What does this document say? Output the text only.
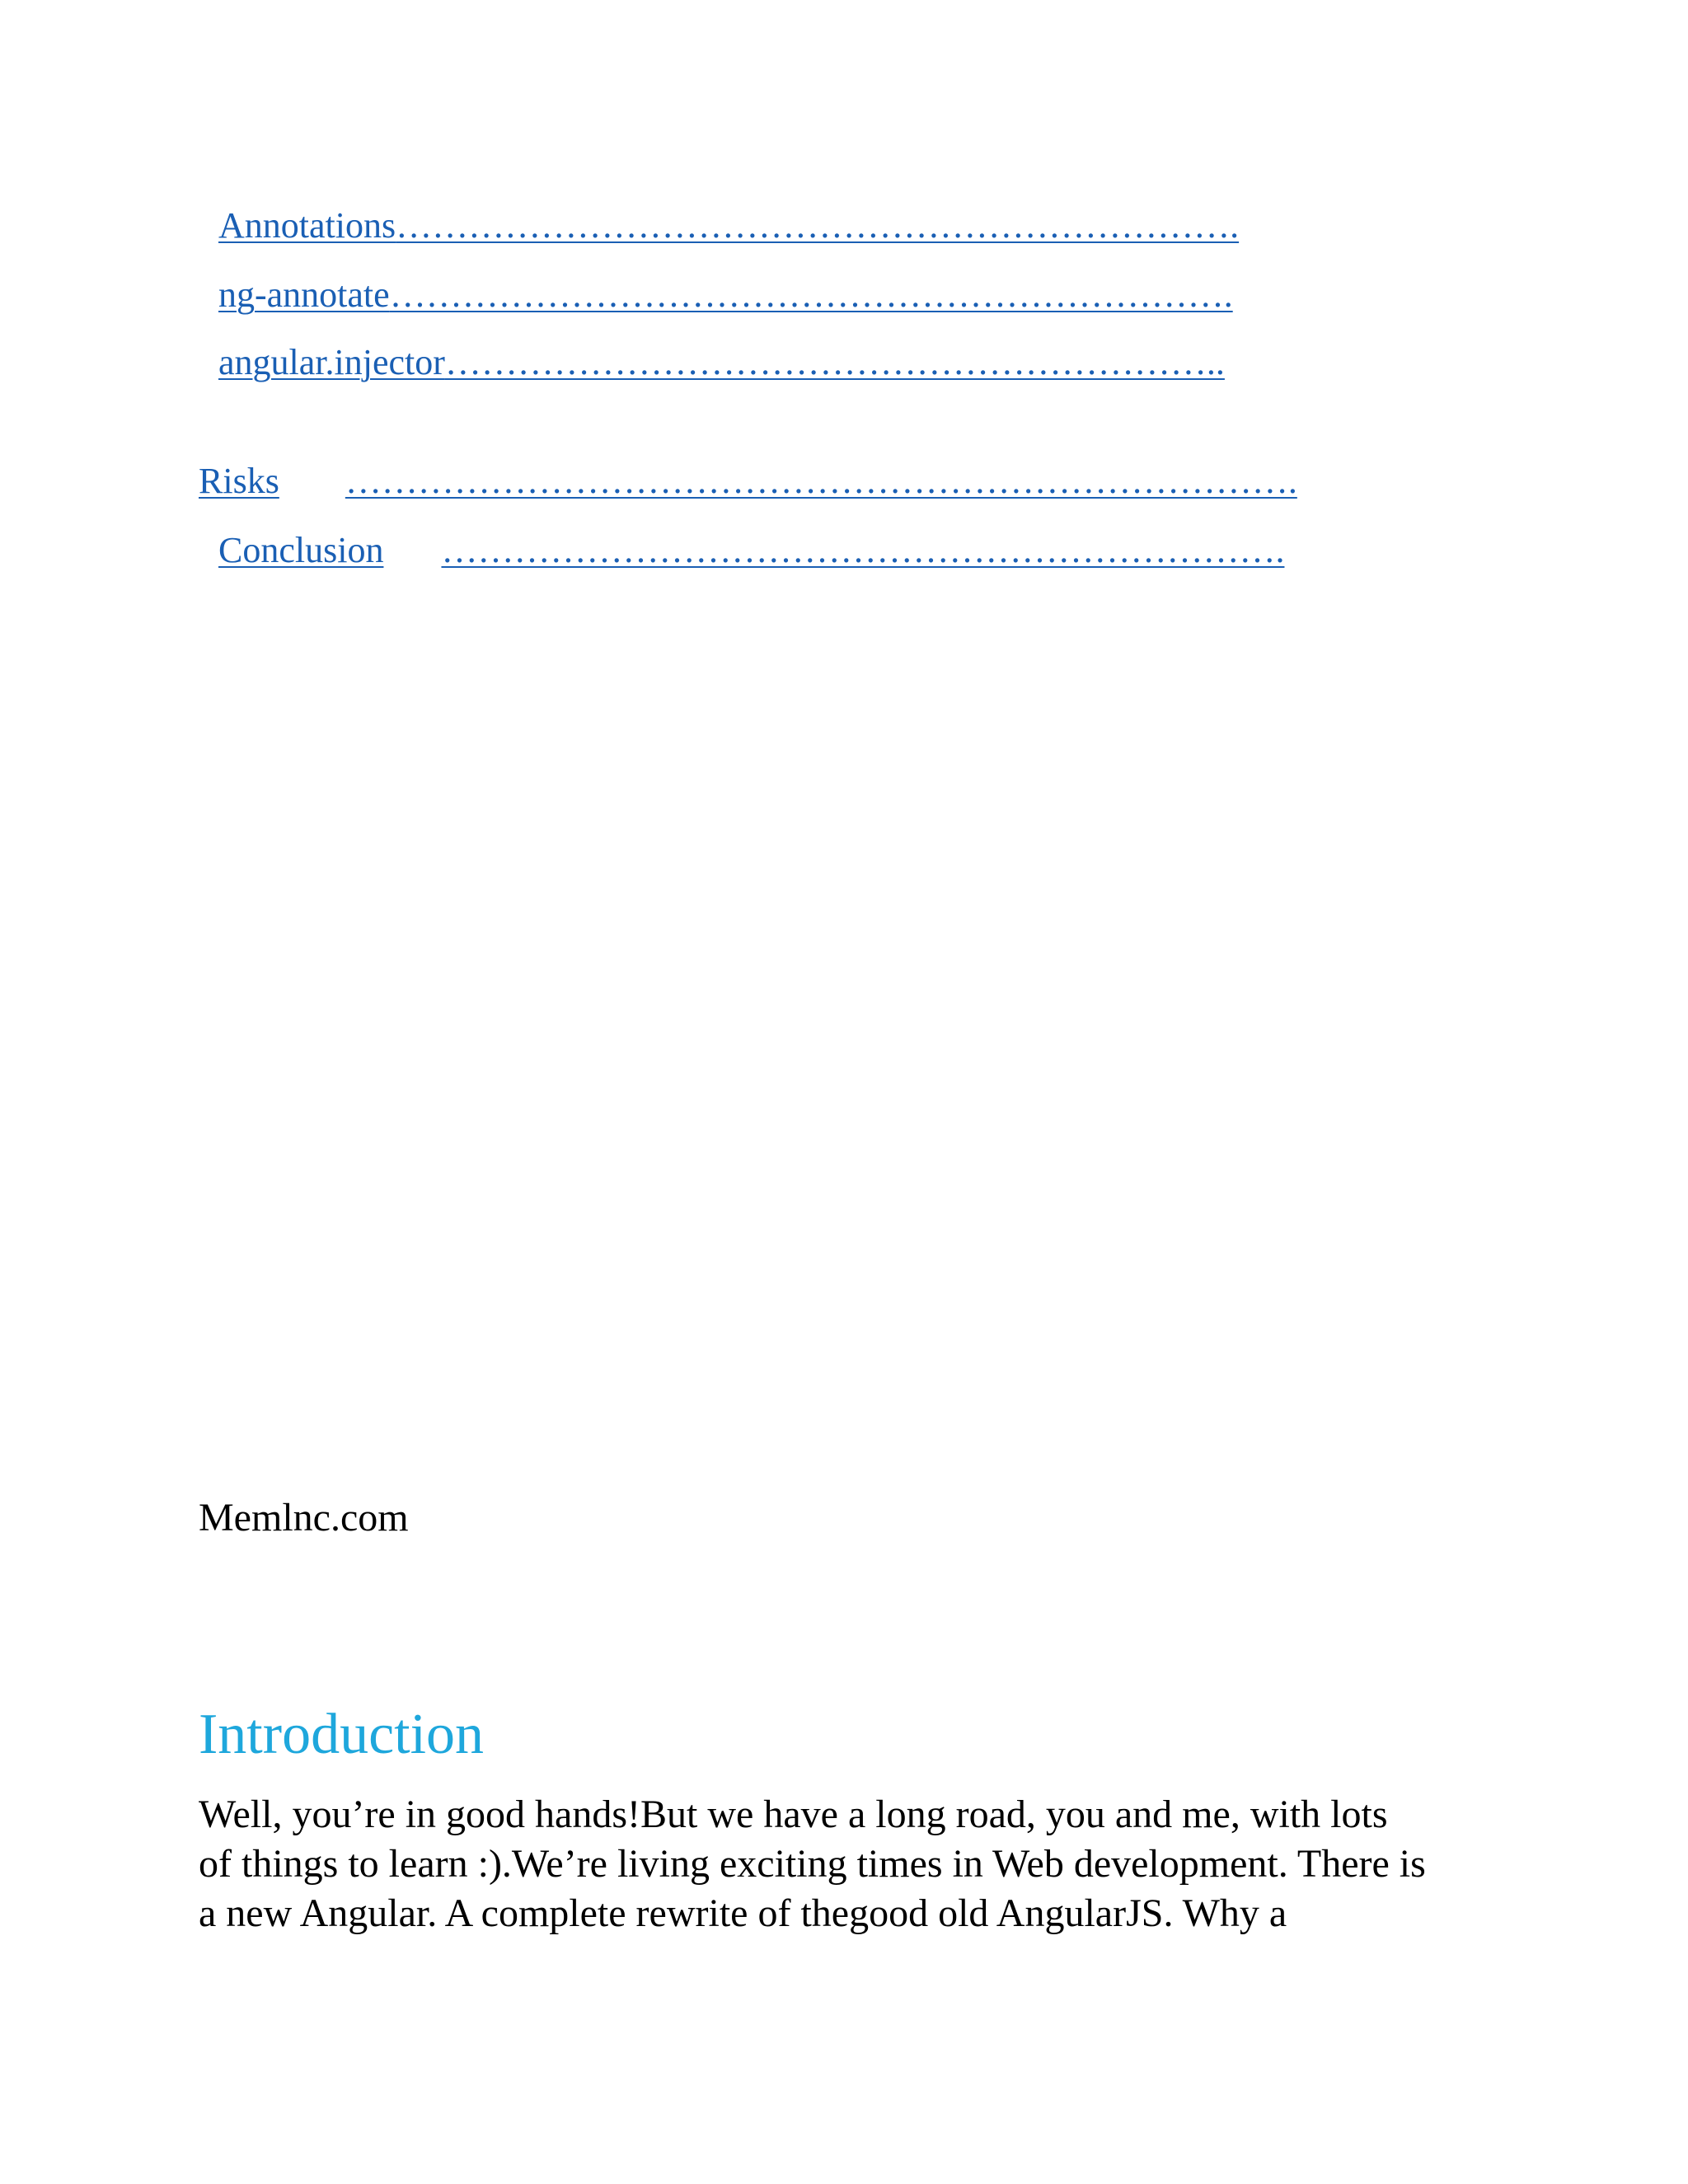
Annotations…………………………………………………………….
ng-annotate…………………………………………………………….
angular.injector………………………………………………………..
Risks …………………………………………………………………….
Conclusion …………………………………………………………….
Memlnc.com
Introduction

Well, you’re in good hands!But we have a long road, you and me, with lots
of things to learn :).We’re living exciting times in Web development. There is
a new Angular. A complete rewrite of thegood old AngularJS. Why a
